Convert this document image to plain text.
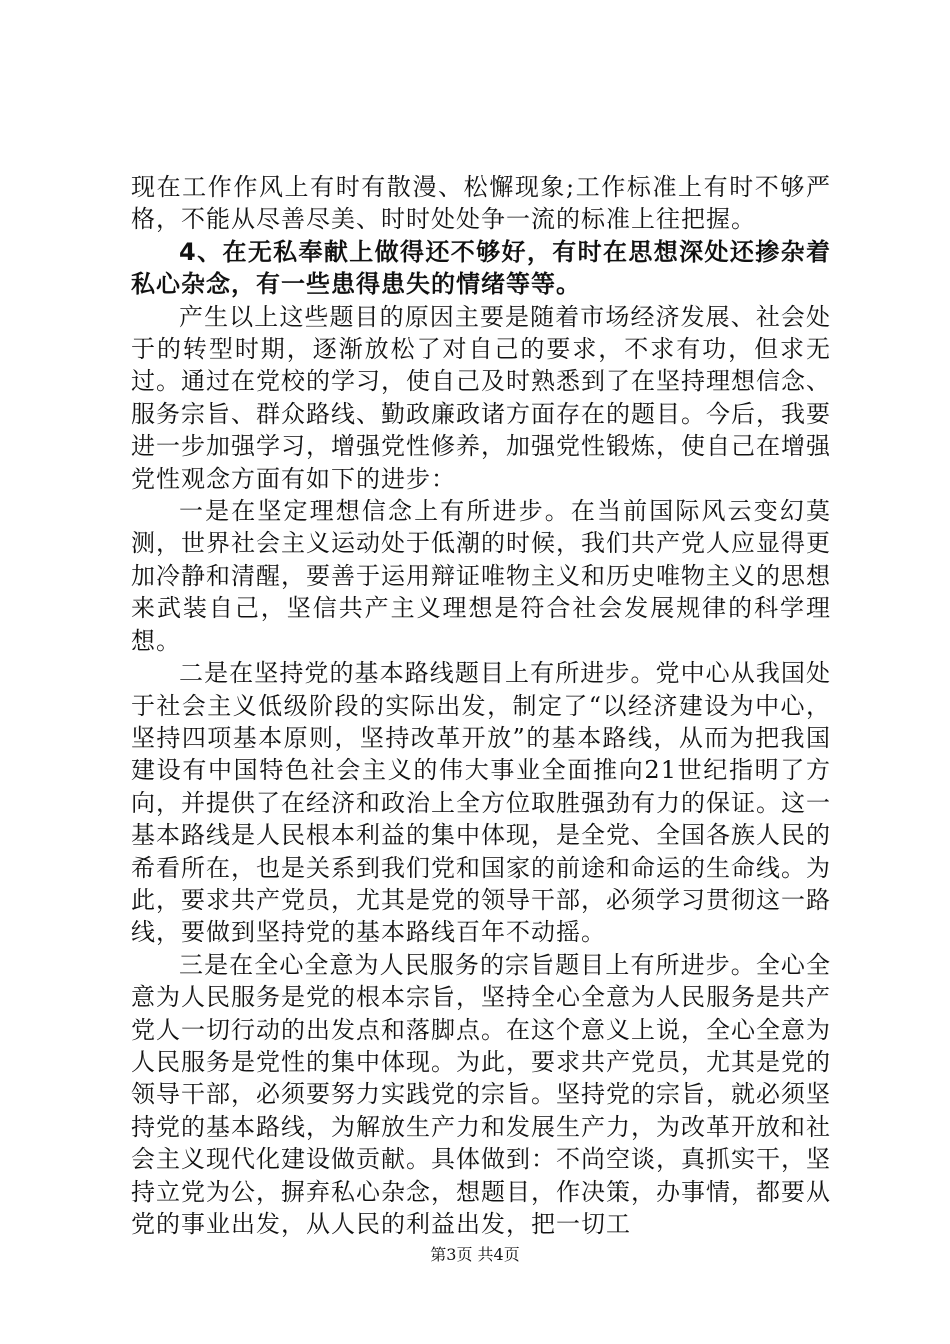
现在工作作风上有时有散漫、松懈现象;工作标准上有时不够严格，不能从尽善尽美、时时处处争一流的标准上往把握。

4、在无私奉献上做得还不够好，有时在思想深处还掺杂着私心杂念，有一些患得患失的情绪等等。

产生以上这些题目的原因主要是随着市场经济发展、社会处于的转型时期，逐渐放松了对自己的要求，不求有功，但求无过。通过在党校的学习，使自己及时熟悉到了在坚持理想信念、服务宗旨、群众路线、勤政廉政诸方面存在的题目。今后，我要进一步加强学习，增强党性修养，加强党性锻炼，使自己在增强党性观念方面有如下的进步：

一是在坚定理想信念上有所进步。在当前国际风云变幻莫测，世界社会主义运动处于低潮的时候，我们共产党人应显得更加冷静和清醒，要善于运用辩证唯物主义和历史唯物主义的思想来武装自己，坚信共产主义理想是符合社会发展规律的科学理想。

二是在坚持党的基本路线题目上有所进步。党中心从我国处于社会主义低级阶段的实际出发，制定了“以经济建设为中心，坚持四项基本原则，坚持改革开放”的基本路线，从而为把我国建设有中国特色社会主义的伟大事业全面推向21世纪指明了方向，并提供了在经济和政治上全方位取胜强劲有力的保证。这一基本路线是人民根本利益的集中体现，是全党、全国各族人民的希看所在，也是关系到我们党和国家的前途和命运的生命线。为此，要求共产党员，尤其是党的领导干部，必须学习贯彻这一路线，要做到坚持党的基本路线百年不动摇。

三是在全心全意为人民服务的宗旨题目上有所进步。全心全意为人民服务是党的根本宗旨，坚持全心全意为人民服务是共产党人一切行动的出发点和落脚点。在这个意义上说，全心全意为人民服务是党性的集中体现。为此，要求共产党员，尤其是党的领导干部，必须要努力实践党的宗旨。坚持党的宗旨，就必须坚持党的基本路线，为解放生产力和发展生产力，为改革开放和社会主义现代化建设做贡献。具体做到：不尚空谈，真抓实干，坚持立党为公，摒弃私心杂念，想题目，作决策，办事情，都要从党的事业出发，从人民的利益出发，把一切工

第3页 共4页
